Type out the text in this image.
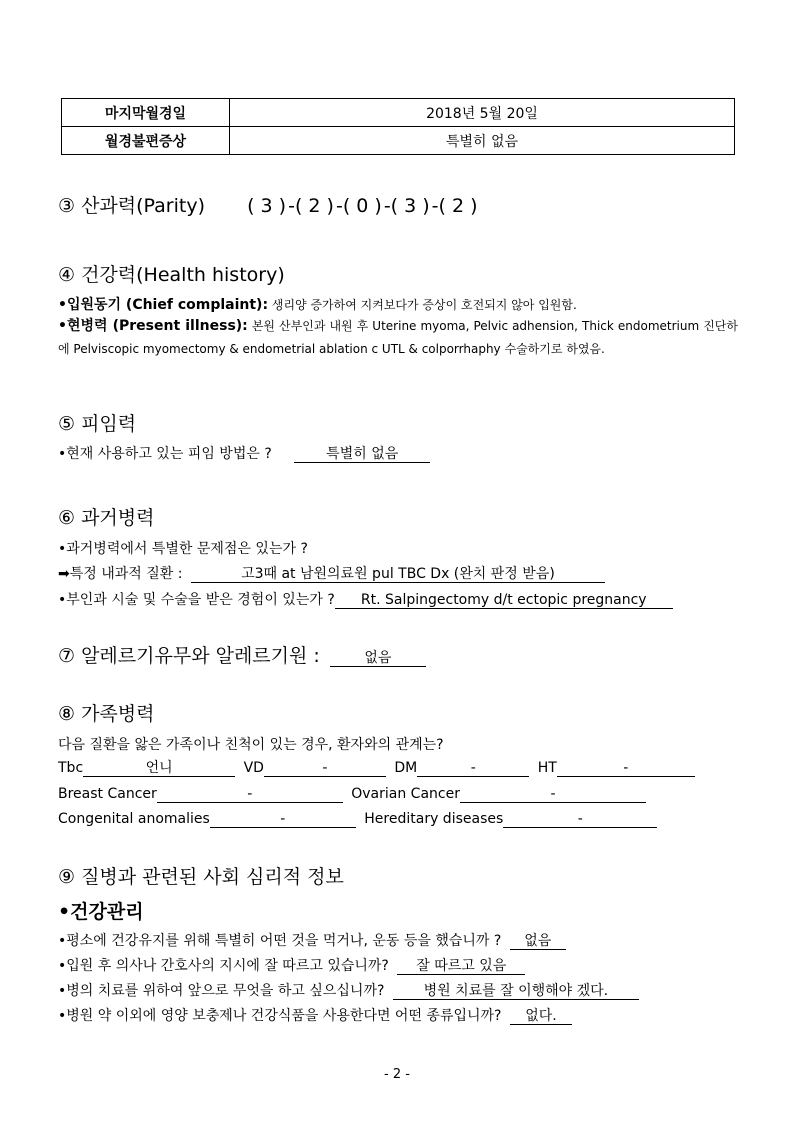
마지막월경일	2018년 5월 20일
월경불편증상	특별히 없음
③ 산과력(Parity) ( 3 ) -( 2 ) -( 0 ) -( 3 ) -( 2 )
④ 건강력(Health history)
•입원동기 (Chief complaint): 생리양 증가하여 지켜보다가 증상이 호전되지 않아 입원함.
•현병력 (Present illness): 본원 산부인과 내원 후 Uterine myoma, Pelvic adhension, Thick endometrium 진단하에 Pelviscopic myomectomy & endometrial ablation c UTL & colporrhaphy 수술하기로 하였음.
⑤ 피임력
•현재 사용하고 있는 피임 방법은 ?	특별히 없음
⑥ 과거병력
•과거병력에서 특별한 문제점은 있는가 ?
➡특정 내과적 질환 :	고3때 at 남원의료원 pul TBC Dx (완치 판정 받음)
•부인과 시술 및 수술을 받은 경험이 있는가 ? Rt. Salpingectomy d/t ectopic pregnancy
⑦ 알레르기유무와 알레르기원 :	없음
⑧ 가족병력
다음 질환을 앓은 가족이나 친척이 있는 경우, 환자와의 관계는?
Tbc	언니	VD	-	DM	-	HT	-
Breast Cancer	-	Ovarian Cancer	-
Congenital anomalies	-	Hereditary diseases	-
⑨ 질병과 관련된 사회 심리적 정보
•건강관리
•평소에 건강유지를 위해 특별히 어떤 것을 먹거나, 운동 등을 했습니까 ? 없음
•입원 후 의사나 간호사의 지시에 잘 따르고 있습니까? 잘 따르고 있음
•병의 치료를 위하여 앞으로 무엇을 하고 싶으십니까?	병원 치료를 잘 이행해야 겠다.
•병원 약 이외에 영양 보충제나 건강식품을 사용한다면 어떤 종류입니까? 없다.
- 2 -
